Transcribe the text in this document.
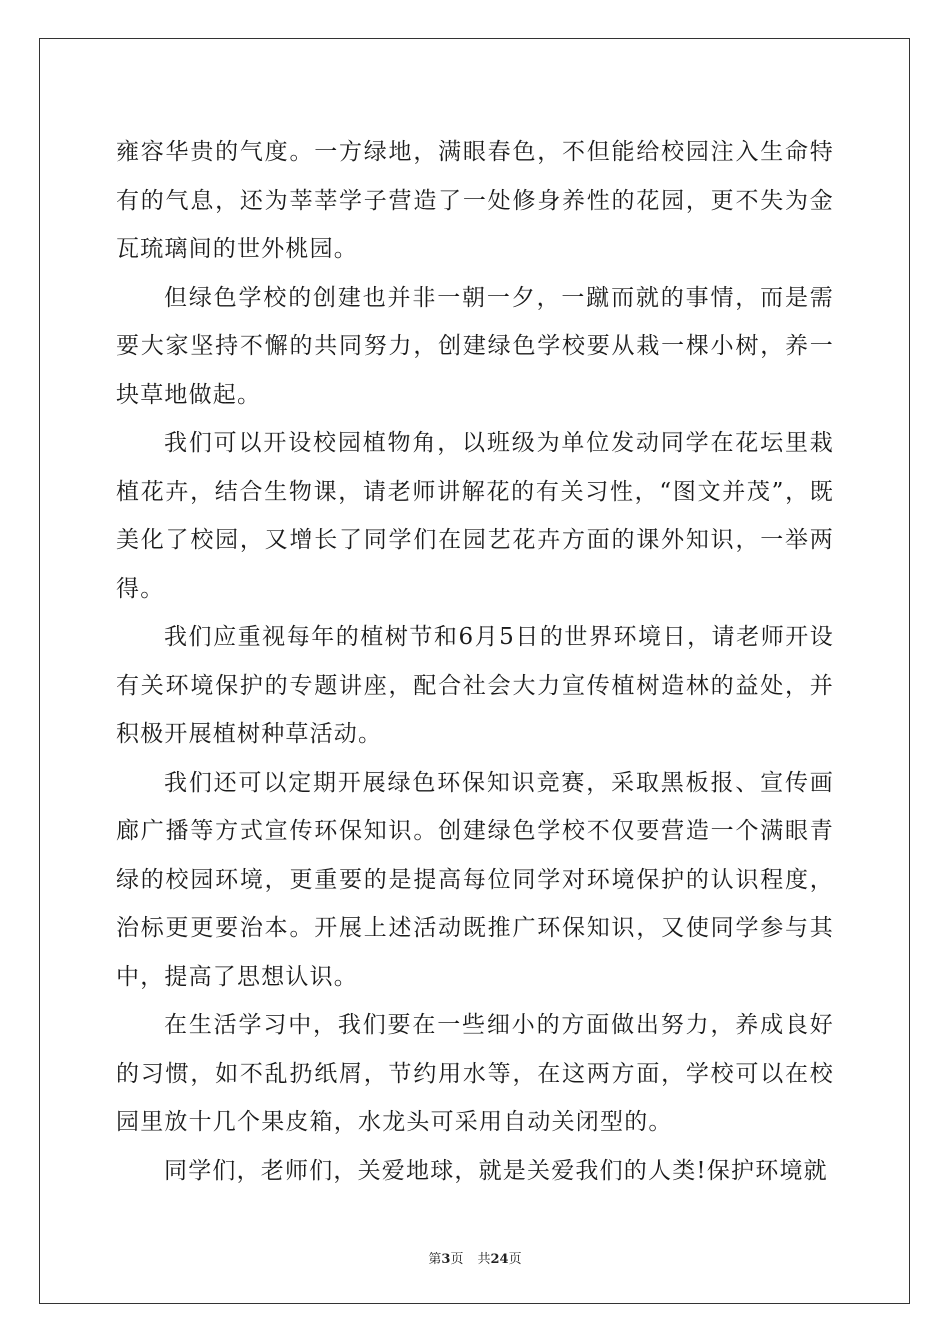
雍容华贵的气度。一方绿地，满眼春色，不但能给校园注入生命特有的气息，还为莘莘学子营造了一处修身养性的花园，更不失为金瓦琉璃间的世外桃园。

但绿色学校的创建也并非一朝一夕，一蹴而就的事情，而是需要大家坚持不懈的共同努力，创建绿色学校要从栽一棵小树，养一块草地做起。

我们可以开设校园植物角，以班级为单位发动同学在花坛里栽植花卉，结合生物课，请老师讲解花的有关习性，“图文并茂”，既美化了校园，又增长了同学们在园艺花卉方面的课外知识，一举两得。

我们应重视每年的植树节和6月5日的世界环境日，请老师开设有关环境保护的专题讲座，配合社会大力宣传植树造林的益处，并积极开展植树种草活动。

我们还可以定期开展绿色环保知识竞赛，采取黑板报、宣传画廊广播等方式宣传环保知识。创建绿色学校不仅要营造一个满眼青绿的校园环境，更重要的是提高每位同学对环境保护的认识程度，治标更更要治本。开展上述活动既推广环保知识，又使同学参与其中，提高了思想认识。

在生活学习中，我们要在一些细小的方面做出努力，养成良好的习惯，如不乱扔纸屑，节约用水等，在这两方面，学校可以在校园里放十几个果皮箱，水龙头可采用自动关闭型的。

同学们，老师们，关爱地球，就是关爱我们的人类!保护环境就

第3页 共24页
